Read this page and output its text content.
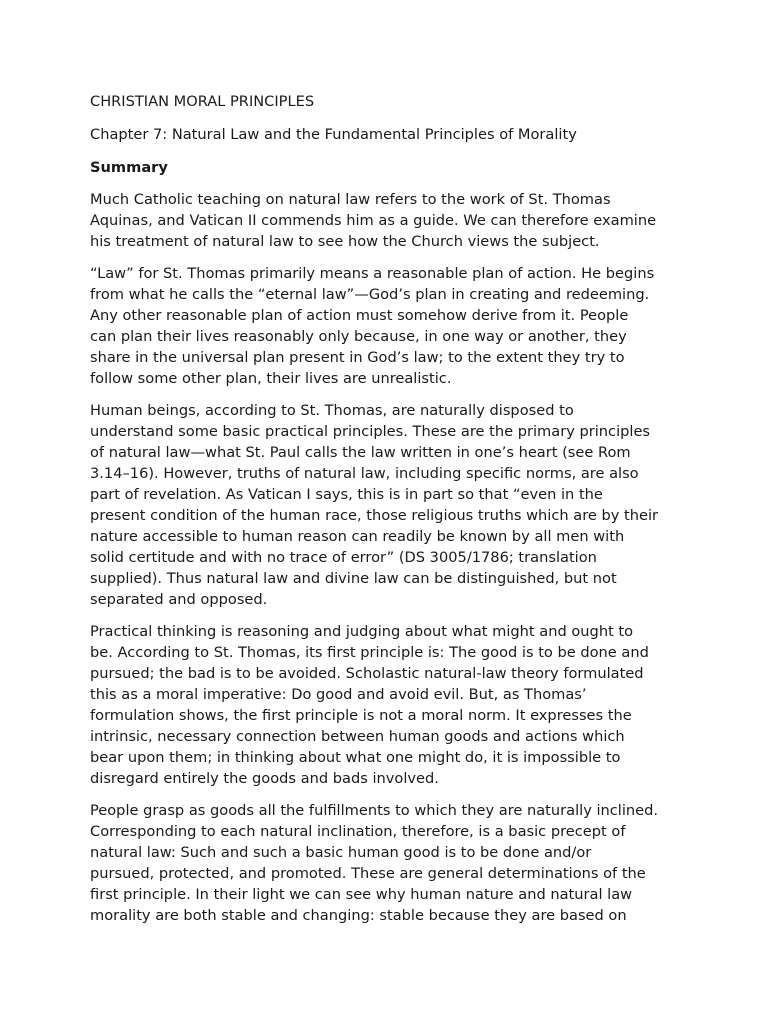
CHRISTIAN MORAL PRINCIPLES
Chapter 7: Natural Law and the Fundamental Principles of Morality
Summary

Much Catholic teaching on natural law refers to the work of St. Thomas
Aquinas, and Vatican II commends him as a guide. We can therefore examine
his treatment of natural law to see how the Church views the subject.

“Law” for St. Thomas primarily means a reasonable plan of action. He begins
from what he calls the “eternal law”—God’s plan in creating and redeeming.
Any other reasonable plan of action must somehow derive from it. People
can plan their lives reasonably only because, in one way or another, they
share in the universal plan present in God’s law; to the extent they try to
follow some other plan, their lives are unrealistic.

Human beings, according to St. Thomas, are naturally disposed to
understand some basic practical principles. These are the primary principles
of natural law—what St. Paul calls the law written in one’s heart (see Rom
3.14–16). However, truths of natural law, including specific norms, are also
part of revelation. As Vatican I says, this is in part so that “even in the
present condition of the human race, those religious truths which are by their
nature accessible to human reason can readily be known by all men with
solid certitude and with no trace of error” (DS 3005/1786; translation
supplied). Thus natural law and divine law can be distinguished, but not
separated and opposed.

Practical thinking is reasoning and judging about what might and ought to
be. According to St. Thomas, its first principle is: The good is to be done and
pursued; the bad is to be avoided. Scholastic natural-law theory formulated
this as a moral imperative: Do good and avoid evil. But, as Thomas’
formulation shows, the first principle is not a moral norm. It expresses the
intrinsic, necessary connection between human goods and actions which
bear upon them; in thinking about what one might do, it is impossible to
disregard entirely the goods and bads involved.

People grasp as goods all the fulfillments to which they are naturally inclined.
Corresponding to each natural inclination, therefore, is a basic precept of
natural law: Such and such a basic human good is to be done and/or
pursued, protected, and promoted. These are general determinations of the
first principle. In their light we can see why human nature and natural law
morality are both stable and changing: stable because they are based on
